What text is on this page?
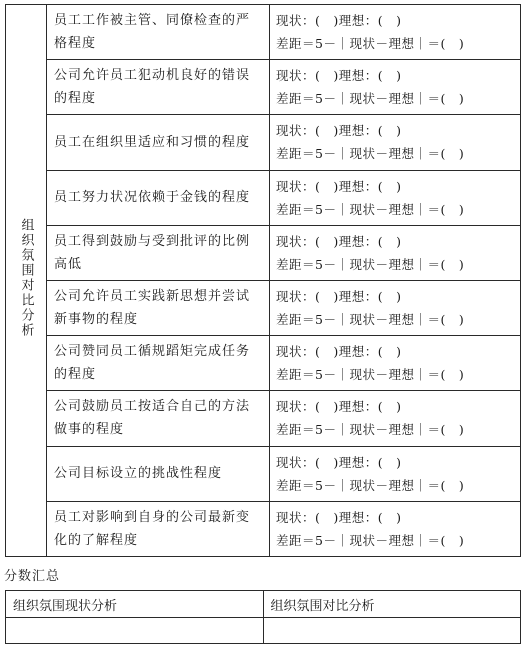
组织氛围对比分析	员工工作被主管、同僚检查的严格程度	现状：(　)理想：(　)
差距＝5－｜现状－理想｜＝(　)

	公司允许员工犯动机良好的错误的程度	现状：(　)理想：(　)
差距＝5－｜现状－理想｜＝(　)

	员工在组织里适应和习惯的程度	现状：(　)理想：(　)
差距＝5－｜现状－理想｜＝(　)

	员工努力状况依赖于金钱的程度	现状：(　)理想：(　)
差距＝5－｜现状－理想｜＝(　)

	员工得到鼓励与受到批评的比例高低	现状：(　)理想：(　)
差距＝5－｜现状－理想｜＝(　)

	公司允许员工实践新思想并尝试新事物的程度	现状：(　)理想：(　)
差距＝5－｜现状－理想｜＝(　)

	公司赞同员工循规蹈矩完成任务的程度	现状：(　)理想：(　)
差距＝5－｜现状－理想｜＝(　)

	公司鼓励员工按适合自己的方法做事的程度	现状：(　)理想：(　)
差距＝5－｜现状－理想｜＝(　)

	公司目标设立的挑战性程度	现状：(　)理想：(　)
差距＝5－｜现状－理想｜＝(　)

	员工对影响到自身的公司最新变化的了解程度	现状：(　)理想：(　)
差距＝5－｜现状－理想｜＝(　)
分数汇总
组织氛围现状分析	组织氛围对比分析
